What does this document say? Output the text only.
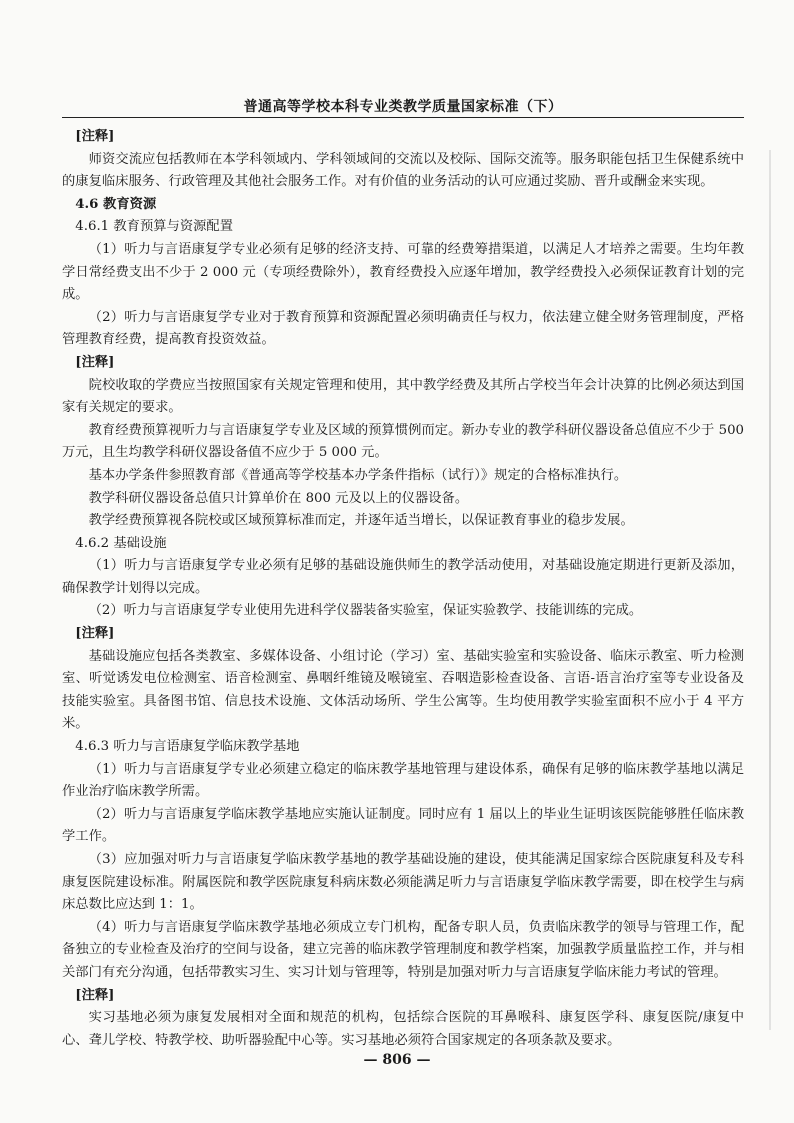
普通高等学校本科专业类教学质量国家标准（下）

[注释]

师资交流应包括教师在本学科领域内、学科领域间的交流以及校际、国际交流等。服务职能包括卫生保健系统中的康复临床服务、行政管理及其他社会服务工作。对有价值的业务活动的认可应通过奖励、晋升或酬金来实现。

4.6 教育资源

4.6.1 教育预算与资源配置

（1）听力与言语康复学专业必须有足够的经济支持、可靠的经费筹措渠道，以满足人才培养之需要。生均年教学日常经费支出不少于 2 000 元（专项经费除外），教育经费投入应逐年增加，教学经费投入必须保证教育计划的完成。

（2）听力与言语康复学专业对于教育预算和资源配置必须明确责任与权力，依法建立健全财务管理制度，严格管理教育经费，提高教育投资效益。

[注释]

院校收取的学费应当按照国家有关规定管理和使用，其中教学经费及其所占学校当年会计决算的比例必须达到国家有关规定的要求。

教育经费预算视听力与言语康复学专业及区域的预算惯例而定。新办专业的教学科研仪器设备总值应不少于 500 万元，且生均教学科研仪器设备值不应少于 5 000 元。

基本办学条件参照教育部《普通高等学校基本办学条件指标（试行）》规定的合格标准执行。

教学科研仪器设备总值只计算单价在 800 元及以上的仪器设备。

教学经费预算视各院校或区域预算标准而定，并逐年适当增长，以保证教育事业的稳步发展。

4.6.2 基础设施

（1）听力与言语康复学专业必须有足够的基础设施供师生的教学活动使用，对基础设施定期进行更新及添加，确保教学计划得以完成。

（2）听力与言语康复学专业使用先进科学仪器装备实验室，保证实验教学、技能训练的完成。

[注释]

基础设施应包括各类教室、多媒体设备、小组讨论（学习）室、基础实验室和实验设备、临床示教室、听力检测室、听觉诱发电位检测室、语音检测室、鼻咽纤维镜及喉镜室、吞咽造影检查设备、言语-语言治疗室等专业设备及技能实验室。具备图书馆、信息技术设施、文体活动场所、学生公寓等。生均使用教学实验室面积不应小于 4 平方米。

4.6.3 听力与言语康复学临床教学基地

（1）听力与言语康复学专业必须建立稳定的临床教学基地管理与建设体系，确保有足够的临床教学基地以满足作业治疗临床教学所需。

（2）听力与言语康复学临床教学基地应实施认证制度。同时应有 1 届以上的毕业生证明该医院能够胜任临床教学工作。

（3）应加强对听力与言语康复学临床教学基地的教学基础设施的建设，使其能满足国家综合医院康复科及专科康复医院建设标准。附属医院和教学医院康复科病床数必须能满足听力与言语康复学临床教学需要，即在校学生与病床总数比应达到 1：1。

（4）听力与言语康复学临床教学基地必须成立专门机构，配备专职人员，负责临床教学的领导与管理工作，配备独立的专业检查及治疗的空间与设备，建立完善的临床教学管理制度和教学档案，加强教学质量监控工作，并与相关部门有充分沟通，包括带教实习生、实习计划与管理等，特别是加强对听力与言语康复学临床能力考试的管理。

[注释]

实习基地必须为康复发展相对全面和规范的机构，包括综合医院的耳鼻喉科、康复医学科、康复医院/康复中心、聋儿学校、特教学校、助听器验配中心等。实习基地必须符合国家规定的各项条款及要求。

— 806 —
